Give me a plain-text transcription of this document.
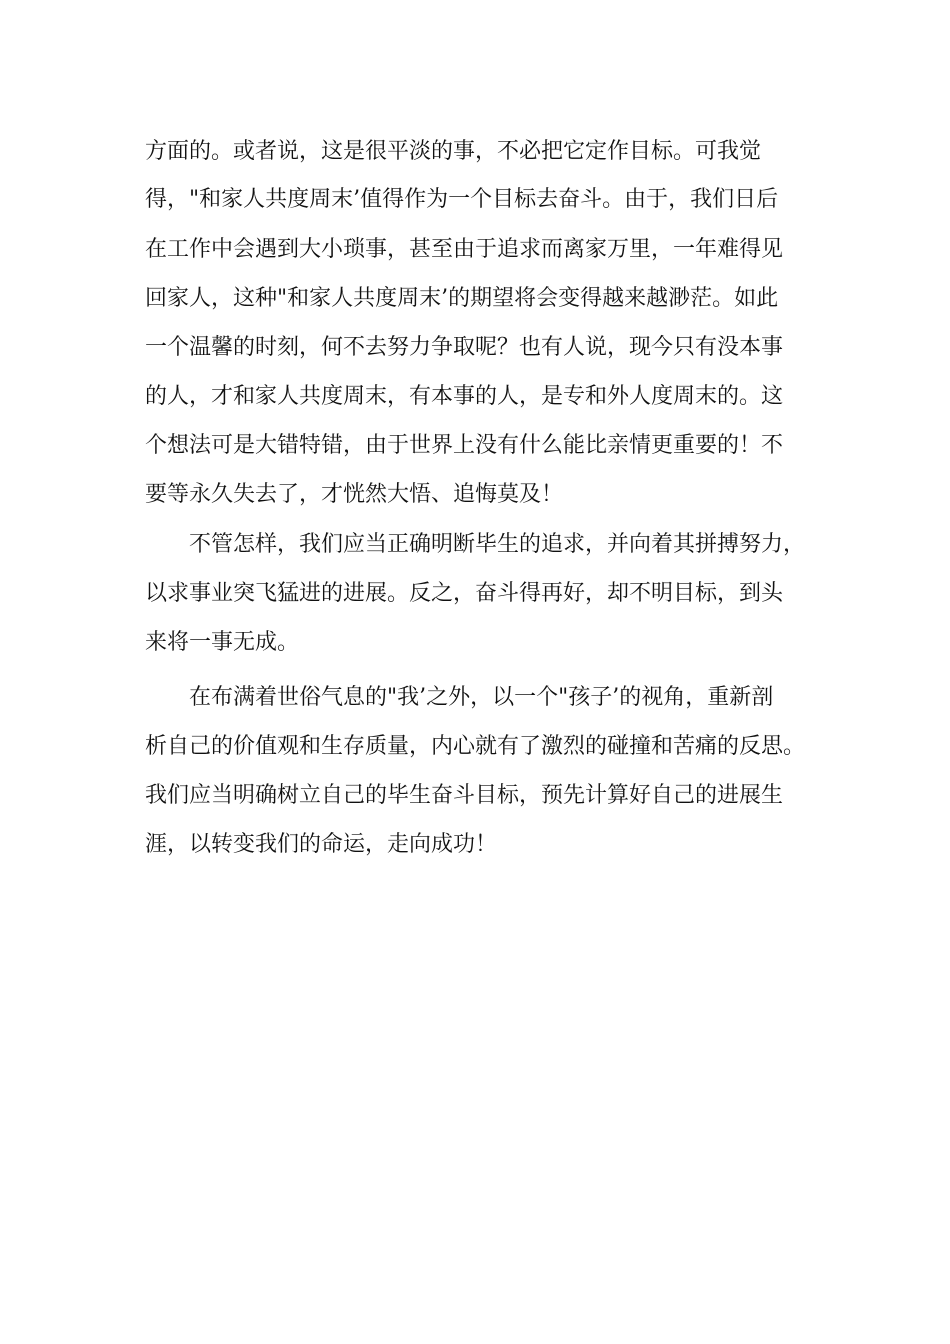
方面的。或者说，这是很平淡的事，不必把它定作目标。可我觉
得，"和家人共度周末’值得作为一个目标去奋斗。由于，我们日后
在工作中会遇到大小琐事，甚至由于追求而离家万里，一年难得见
回家人，这种"和家人共度周末’的期望将会变得越来越渺茫。如此
一个温馨的时刻，何不去努力争取呢？也有人说，现今只有没本事
的人，才和家人共度周末，有本事的人，是专和外人度周末的。这
个想法可是大错特错，由于世界上没有什么能比亲情更重要的！不
要等永久失去了，才恍然大悟、追悔莫及！
　　不管怎样，我们应当正确明断毕生的追求，并向着其拼搏努力，
以求事业突飞猛进的进展。反之，奋斗得再好，却不明目标，到头
来将一事无成。
　　在布满着世俗气息的"我’之外，以一个"孩子’的视角，重新剖
析自己的价值观和生存质量，内心就有了激烈的碰撞和苦痛的反思。
我们应当明确树立自己的毕生奋斗目标，预先计算好自己的进展生
涯，以转变我们的命运，走向成功！
